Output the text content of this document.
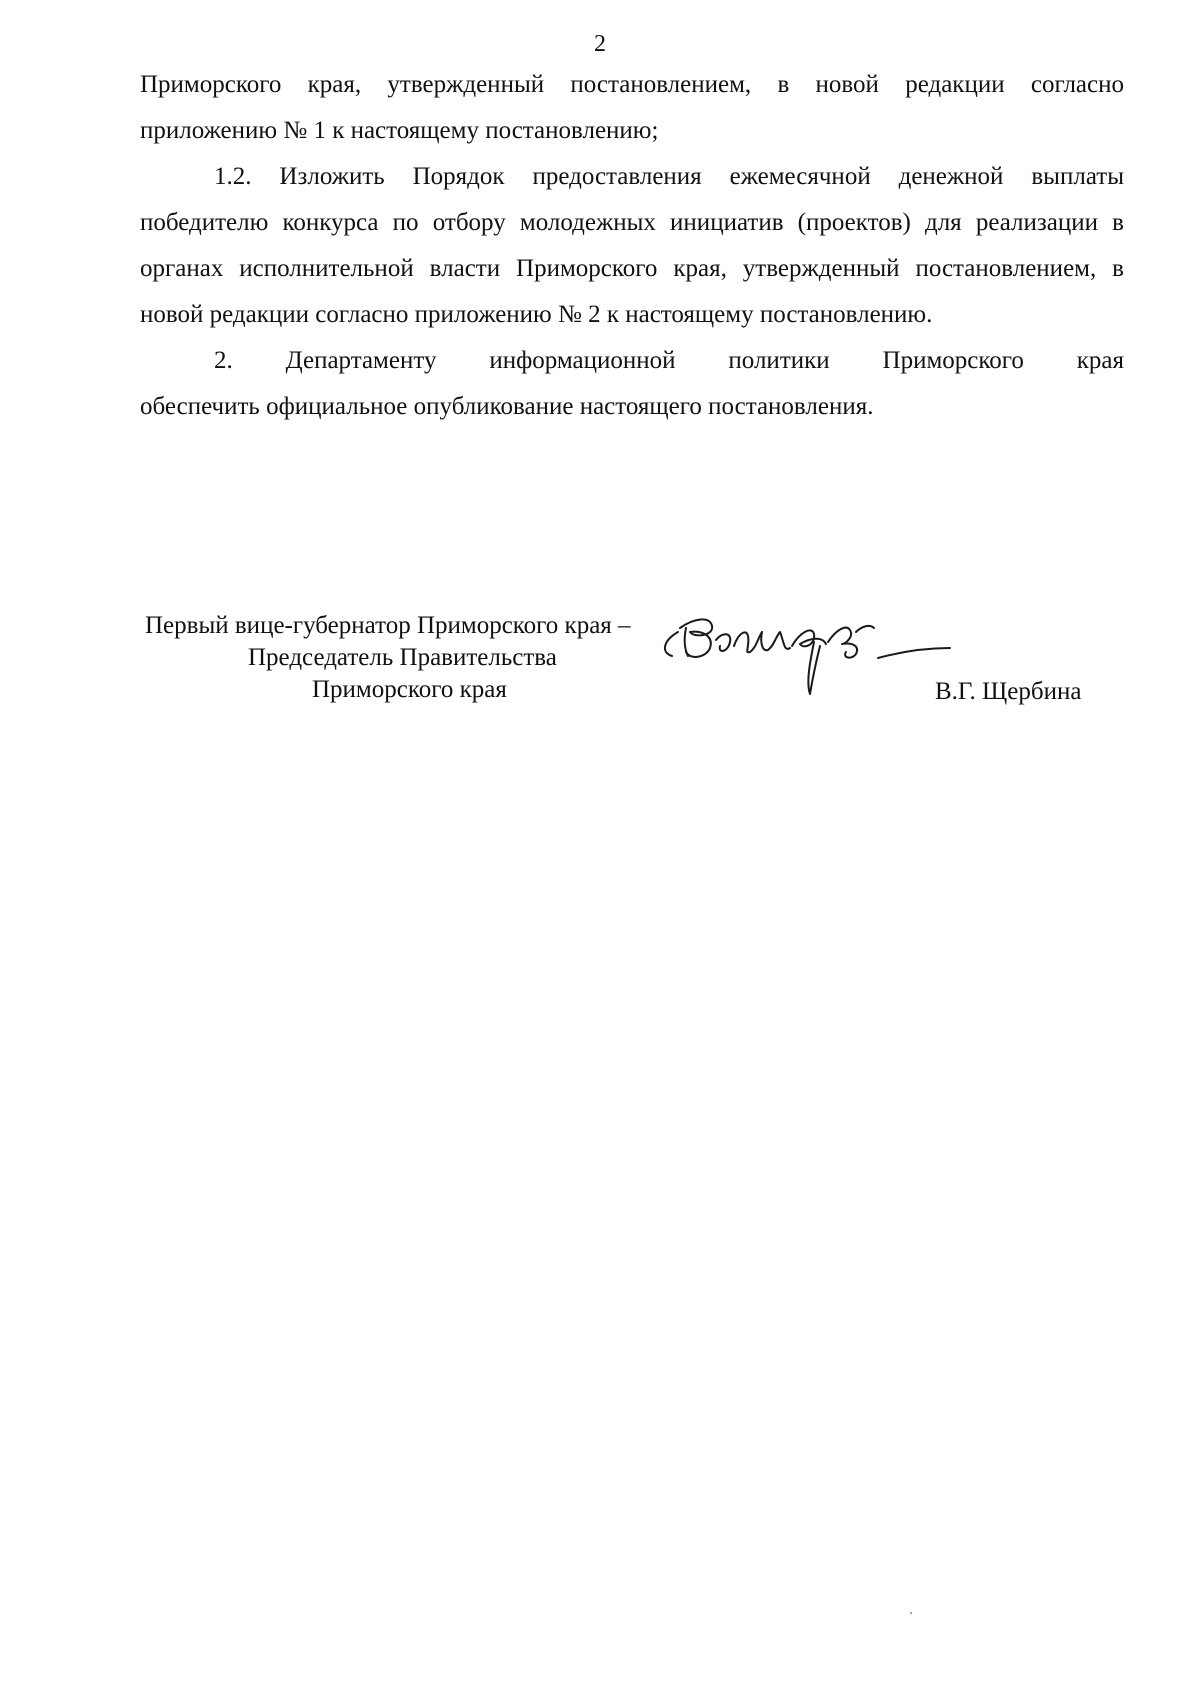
2

Приморского края, утвержденный постановлением, в новой редакции согласно приложению № 1 к настоящему постановлению;

1.2. Изложить Порядок предоставления ежемесячной денежной выплаты победителю конкурса по отбору молодежных инициатив (проектов) для реализации в органах исполнительной власти Приморского края, утвержденный постановлением, в новой редакции согласно приложению № 2 к настоящему постановлению.

2. Департаменту информационной политики Приморского края

обеспечить официальное опубликование настоящего постановления.

Первый вице-губернатор Приморского края –
Председатель Правительства
Приморского края	В.Г. Щербина
